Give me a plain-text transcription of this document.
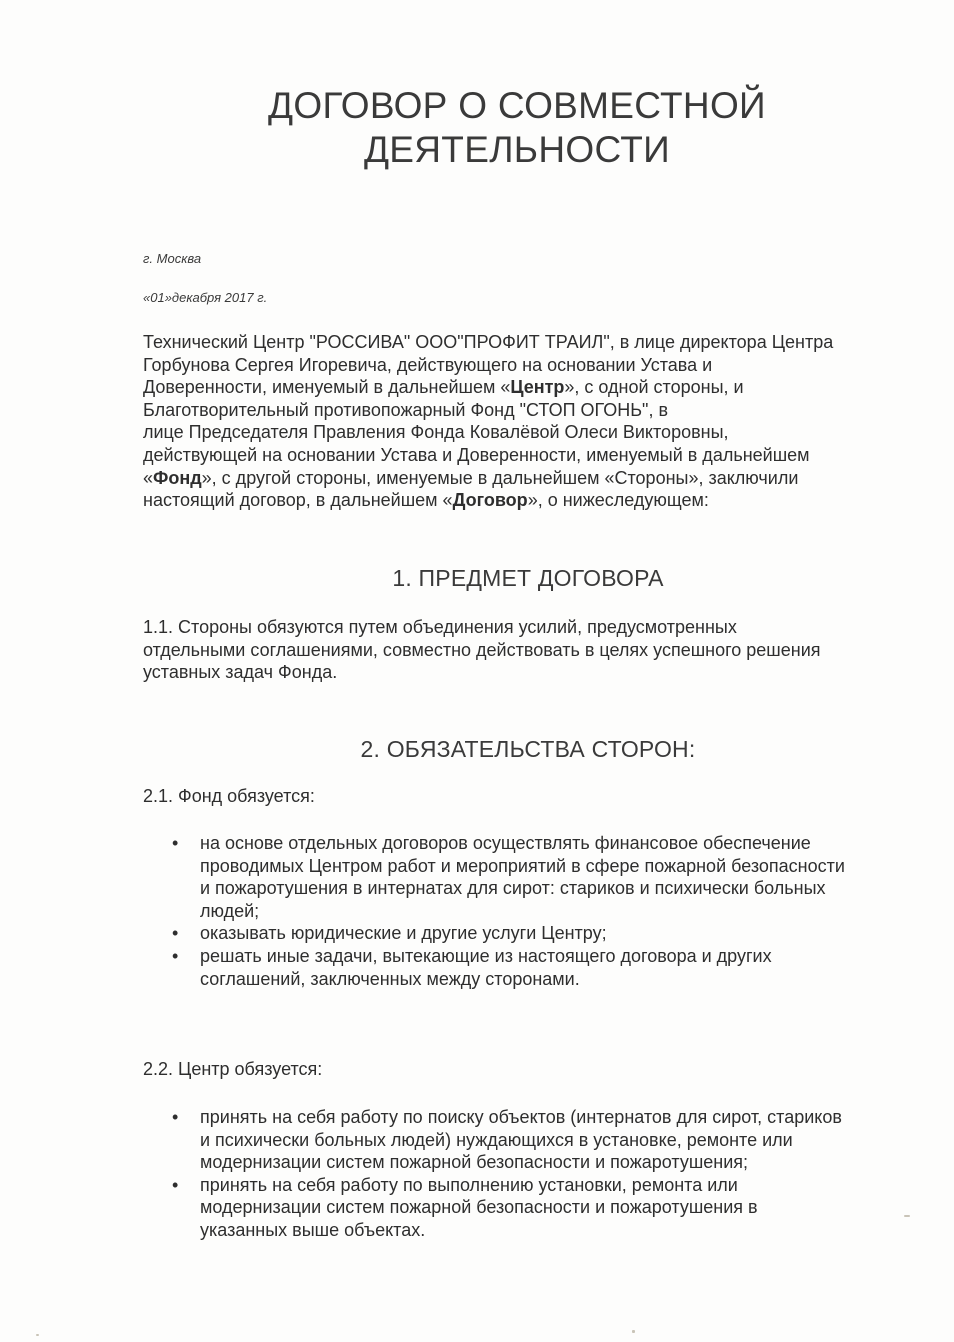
ДОГОВОР О СОВМЕСТНОЙ
ДЕЯТЕЛЬНОСТИ
г. Москва
«01»декабря 2017 г.
Технический Центр "РОССИВА" ООО"ПРОФИТ ТРАИЛ", в лице директора Центра
Горбунова Сергея Игоревича, действующего на основании Устава и
Доверенности, именуемый в дальнейшем «Центр», с одной стороны, и
Благотворительный противопожарный Фонд "СТОП ОГОНЬ", в
лице Председателя Правления Фонда Ковалёвой Олеси Викторовны,
действующей на основании Устава и Доверенности, именуемый в дальнейшем
«Фонд», с другой стороны, именуемые в дальнейшем «Стороны», заключили
настоящий договор, в дальнейшем «Договор», о нижеследующем:
1. ПРЕДМЕТ ДОГОВОРА
1.1. Стороны обязуются путем объединения усилий, предусмотренных
отдельными соглашениями, совместно действовать в целях успешного решения
уставных задач Фонда.
2. ОБЯЗАТЕЛЬСТВА СТОРОН:
2.1. Фонд обязуется:
• на основе отдельных договоров осуществлять финансовое обеспечение
проводимых Центром работ и мероприятий в сфере пожарной безопасности
и пожаротушения в интернатах для сирот: стариков и психически больных
людей;
• оказывать юридические и другие услуги Центру;
• решать иные задачи, вытекающие из настоящего договора и других
соглашений, заключенных между сторонами.
2.2. Центр обязуется:
• принять на себя работу по поиску объектов (интернатов для сирот, стариков
и психически больных людей) нуждающихся в установке, ремонте или
модернизации систем пожарной безопасности и пожаротушения;
• принять на себя работу по выполнению установки, ремонта или
модернизации систем пожарной безопасности и пожаротушения в
указанных выше объектах.
